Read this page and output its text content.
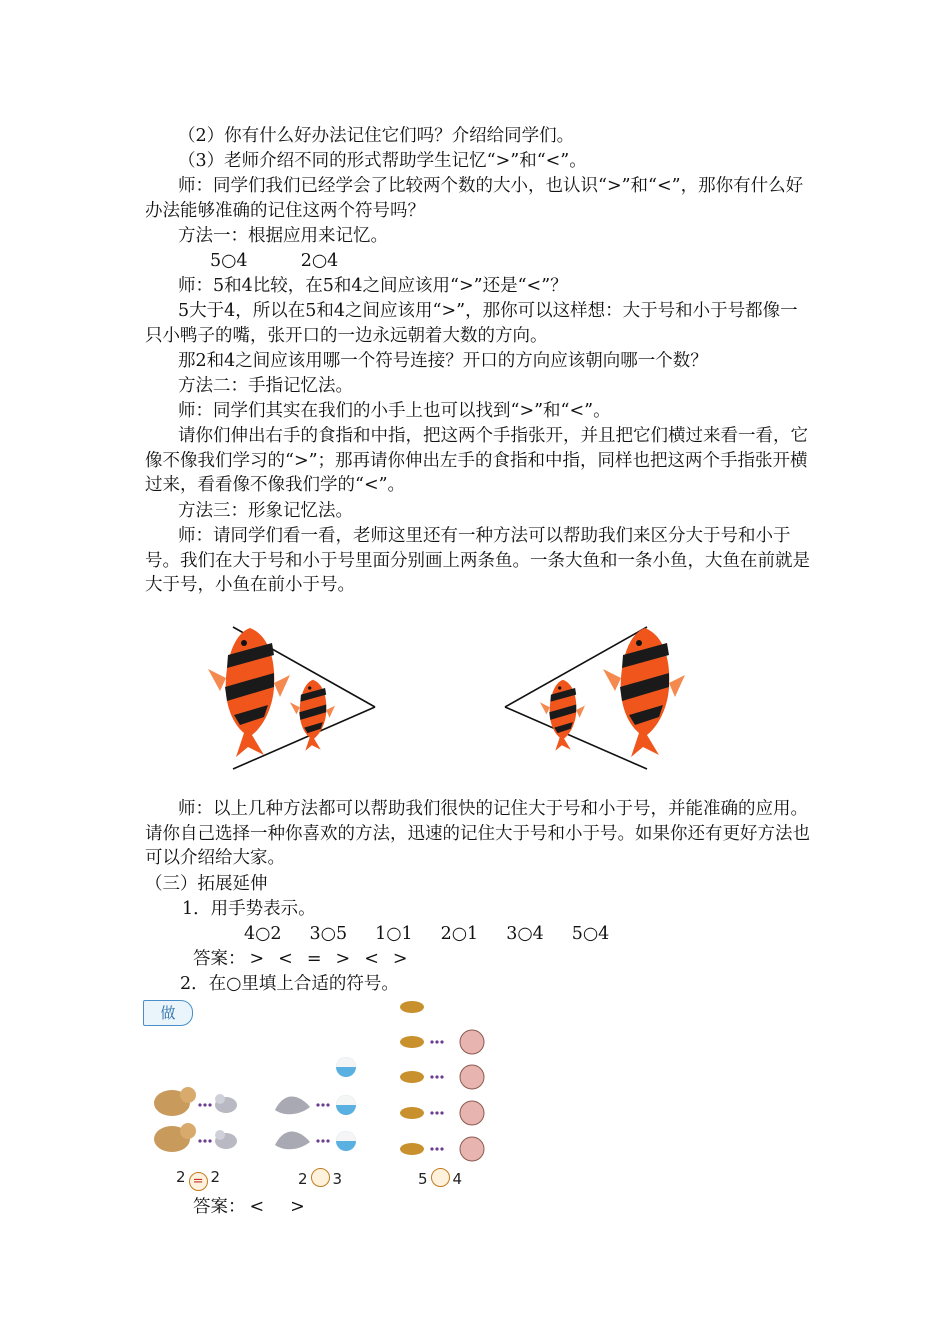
（2）你有什么好办法记住它们吗？介绍给同学们。
（3）老师介绍不同的形式帮助学生记忆“>”和“<”。
师：同学们我们已经学会了比较两个数的大小，也认识“>”和“<”，那你有什么好办法能够准确的记住这两个符号吗？
方法一：根据应用来记忆。
5○4	2○4
师：5和4比较，在5和4之间应该用“>”还是“<”？
5大于4，所以在5和4之间应该用“>”，那你可以这样想：大于号和小于号都像一只小鸭子的嘴，张开口的一边永远朝着大数的方向。
那2和4之间应该用哪一个符号连接？开口的方向应该朝向哪一个数？
方法二：手指记忆法。
师：同学们其实在我们的小手上也可以找到“>”和“<”。
请你们伸出右手的食指和中指，把这两个手指张开，并且把它们横过来看一看，它像不像我们学习的“>”；那再请你伸出左手的食指和中指，同样也把这两个手指张开横过来，看看像不像我们学的“<”。
方法三：形象记忆法。
师：请同学们看一看，老师这里还有一种方法可以帮助我们来区分大于号和小于号。我们在大于号和小于号里面分别画上两条鱼。一条大鱼和一条小鱼，大鱼在前就是大于号，小鱼在前小于号。
师：以上几种方法都可以帮助我们很快的记住大于号和小于号，并能准确的应用。请你自己选择一种你喜欢的方法，迅速的记住大于号和小于号。如果你还有更好方法也可以介绍给大家。
（三）拓展延伸
1．用手势表示。
4○2 3○5 1○1 2○1 3○4 5○4
答案： > < = > < >
2．在○里填上合适的符号。
做
2 = 2	2 3	5 4
答案： < >
